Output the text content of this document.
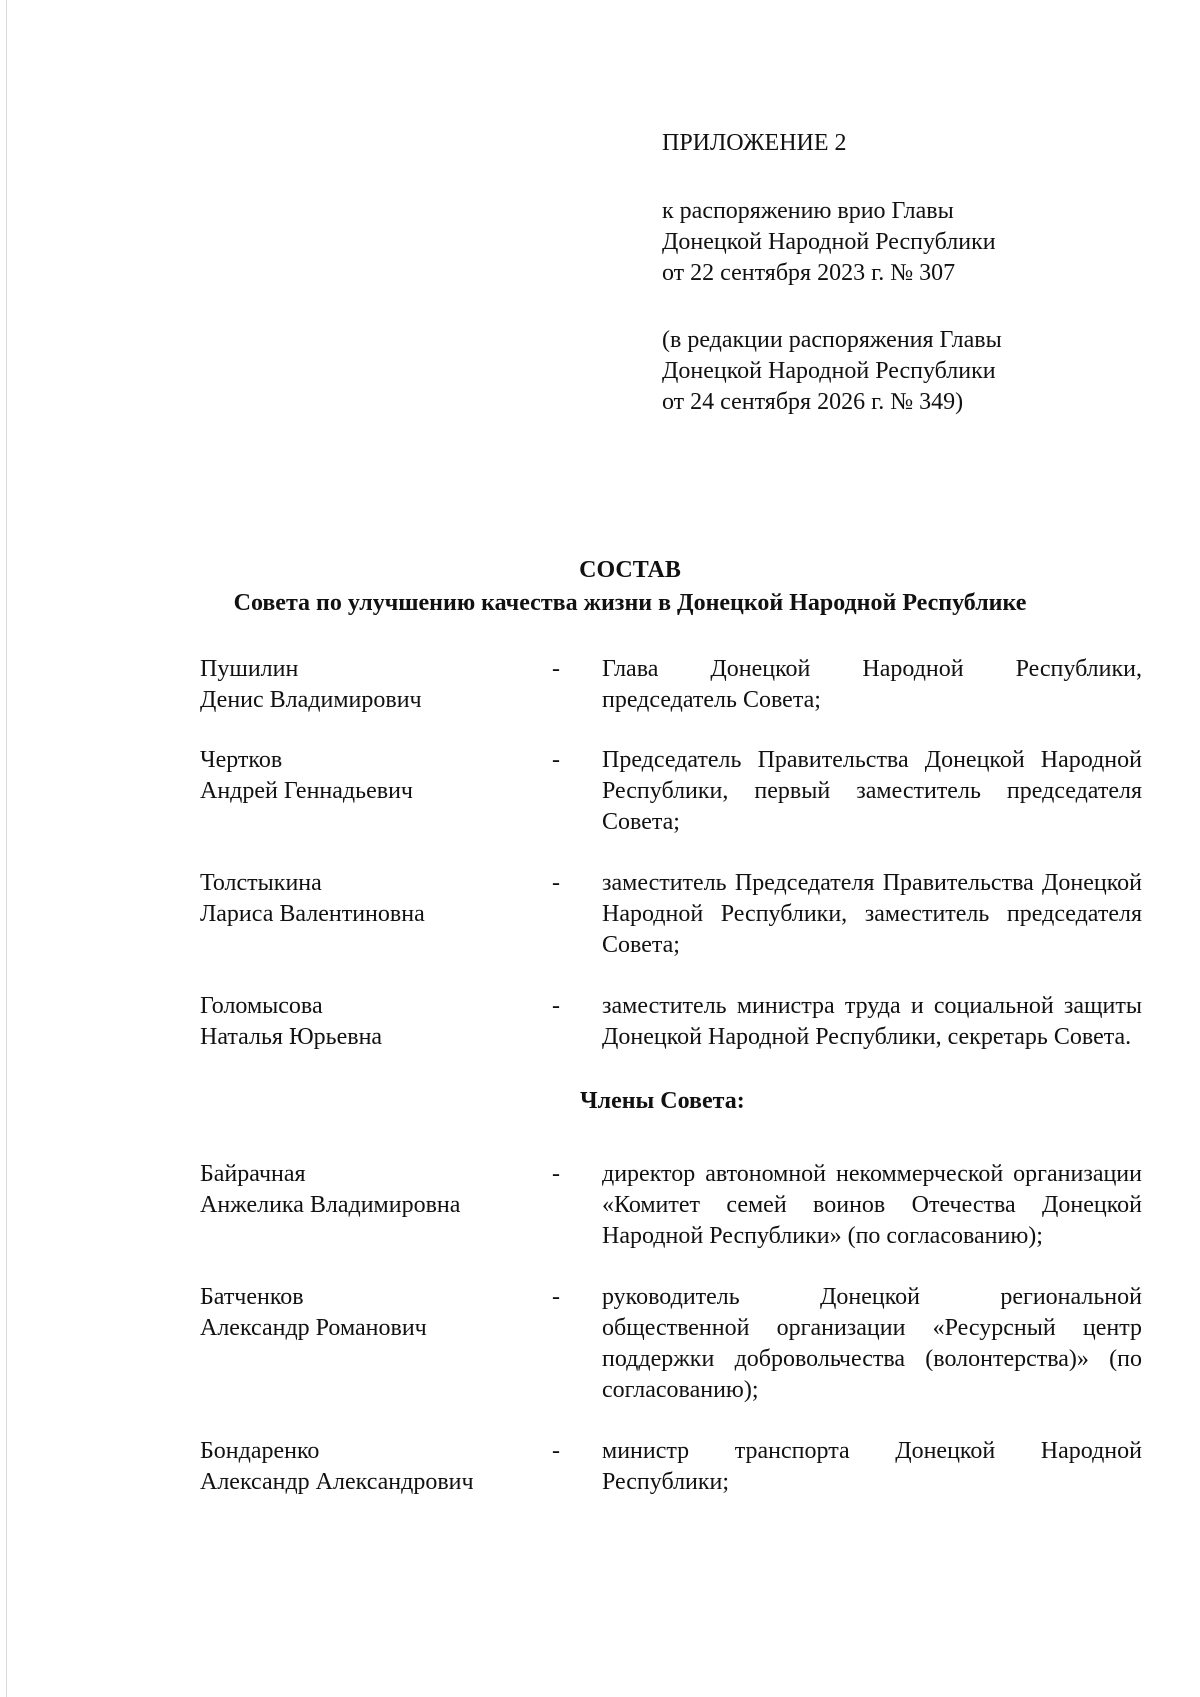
ПРИЛОЖЕНИЕ 2
к распоряжению врио Главы
Донецкой Народной Республики
от 22 сентября 2023 г. № 307
(в редакции распоряжения Главы
Донецкой Народной Республики
от 24 сентября 2026 г. № 349)
СОСТАВ
Совета по улучшению качества жизни в Донецкой Народной Республике
Пушилин
Денис Владимирович
-	Глава Донецкой Народной Республики, председатель Совета;
Чертков
Андрей Геннадьевич
-	Председатель Правительства Донецкой Народной Республики, первый заместитель председателя Совета;
Толстыкина
Лариса Валентиновна
-	заместитель Председателя Правительства Донецкой Народной Республики, заместитель председателя Совета;
Голомысова
Наталья Юрьевна
-	заместитель министра труда и социальной защиты Донецкой Народной Республики, секретарь Совета.
Члены Совета:
Байрачная
Анжелика Владимировна
-	директор автономной некоммерческой организации «Комитет семей воинов Отечества Донецкой Народной Республики» (по согласованию);
Батченков
Александр Романович
-	руководитель Донецкой региональной общественной организации «Ресурсный центр поддержки добровольчества (волонтерства)» (по согласованию);
Бондаренко
Александр Александрович
-	министр транспорта Донецкой Народной Республики;
